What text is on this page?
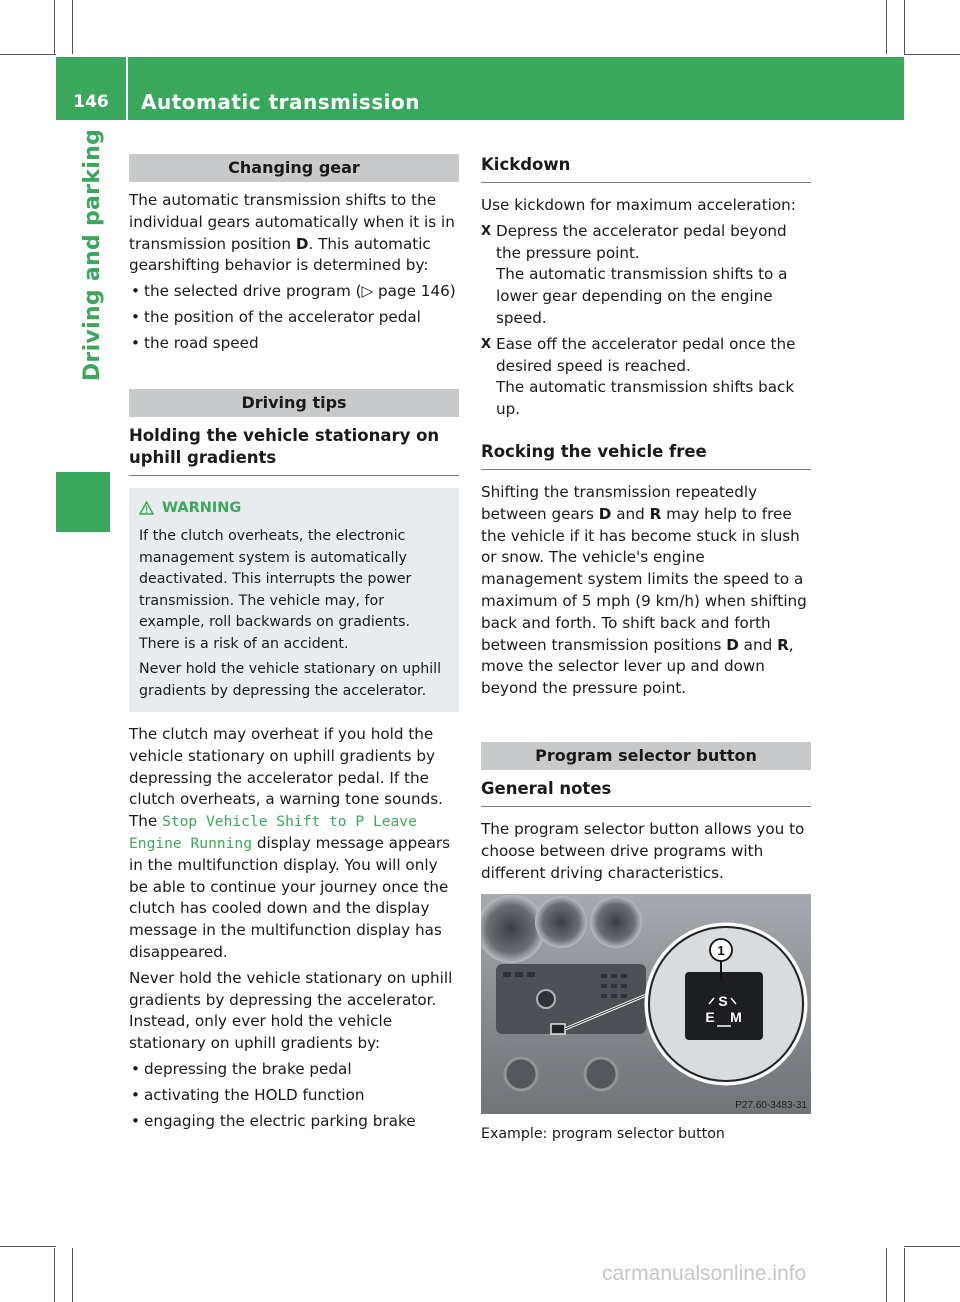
146	Automatic transmission
Driving and parking	Changing gear

The automatic transmission shifts to the individual gears automatically when it is in transmission position D. This automatic gearshifting behavior is determined by:

• the selected drive program (▷ page 146)
• the position of the accelerator pedal
• the road speed
Driving tips
Holding the vehicle stationary on uphill gradients
WARNING

If the clutch overheats, the electronic management system is automatically deactivated. This interrupts the power transmission. The vehicle may, for example, roll backwards on gradients. There is a risk of an accident.

Never hold the vehicle stationary on uphill gradients by depressing the accelerator.

The clutch may overheat if you hold the vehicle stationary on uphill gradients by depressing the accelerator pedal. If the clutch overheats, a warning tone sounds. The Stop Vehicle Shift to P Leave Engine Running display message appears in the multifunction display. You will only be able to continue your journey once the clutch has cooled down and the display message in the multifunction display has disappeared.

Never hold the vehicle stationary on uphill gradients by depressing the accelerator. Instead, only ever hold the vehicle stationary on uphill gradients by:

• depressing the brake pedal
• activating the HOLD function
• engaging the electric parking brake
Kickdown

Use kickdown for maximum acceleration:

X Depress the accelerator pedal beyond the pressure point.
The automatic transmission shifts to a lower gear depending on the engine speed.
X Ease off the accelerator pedal once the desired speed is reached.
The automatic transmission shifts back up.
Rocking the vehicle free

Shifting the transmission repeatedly between gears D and R may help to free the vehicle if it has become stuck in slush or snow. The vehicle's engine management system limits the speed to a maximum of 5 mph (9 km/h) when shifting back and forth. To shift back and forth between transmission positions D and R, move the selector lever up and down beyond the pressure point.

Program selector button
General notes

The program selector button allows you to choose between drive programs with different driving characteristics.

1
S
E M
P27.60-3483-31
Example: program selector button
carmanualsonline.info
